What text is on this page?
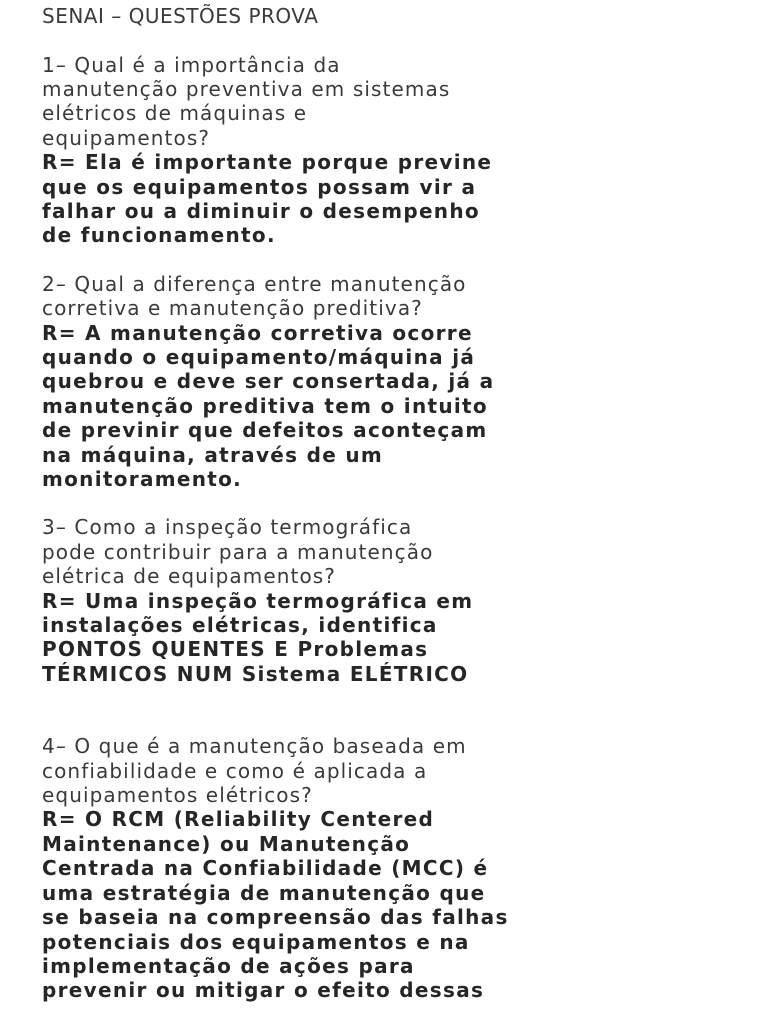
SENAI – QUESTÕES PROVA

1– Qual é a importância da
manutenção preventiva em sistemas
elétricos de máquinas e
equipamentos?

R= Ela é importante porque previne
que os equipamentos possam vir a
falhar ou a diminuir o desempenho
de funcionamento.

2– Qual a diferença entre manutenção
corretiva e manutenção preditiva?

R= A manutenção corretiva ocorre
quando o equipamento/máquina já
quebrou e deve ser consertada, já a
manutenção preditiva tem o intuito
de previnir que defeitos aconteçam
na máquina, através de um
monitoramento.

3– Como a inspeção termográfica
pode contribuir para a manutenção
elétrica de equipamentos?

R= Uma inspeção termográfica em
instalações elétricas, identifica
PONTOS QUENTES E Problemas
TÉRMICOS NUM Sistema ELÉTRICO

4– O que é a manutenção baseada em
confiabilidade e como é aplicada a
equipamentos elétricos?

R= O RCM (Reliability Centered
Maintenance) ou Manutenção
Centrada na Confiabilidade (MCC) é
uma estratégia de manutenção que
se baseia na compreensão das falhas
potenciais dos equipamentos e na
implementação de ações para
prevenir ou mitigar o efeito dessas
